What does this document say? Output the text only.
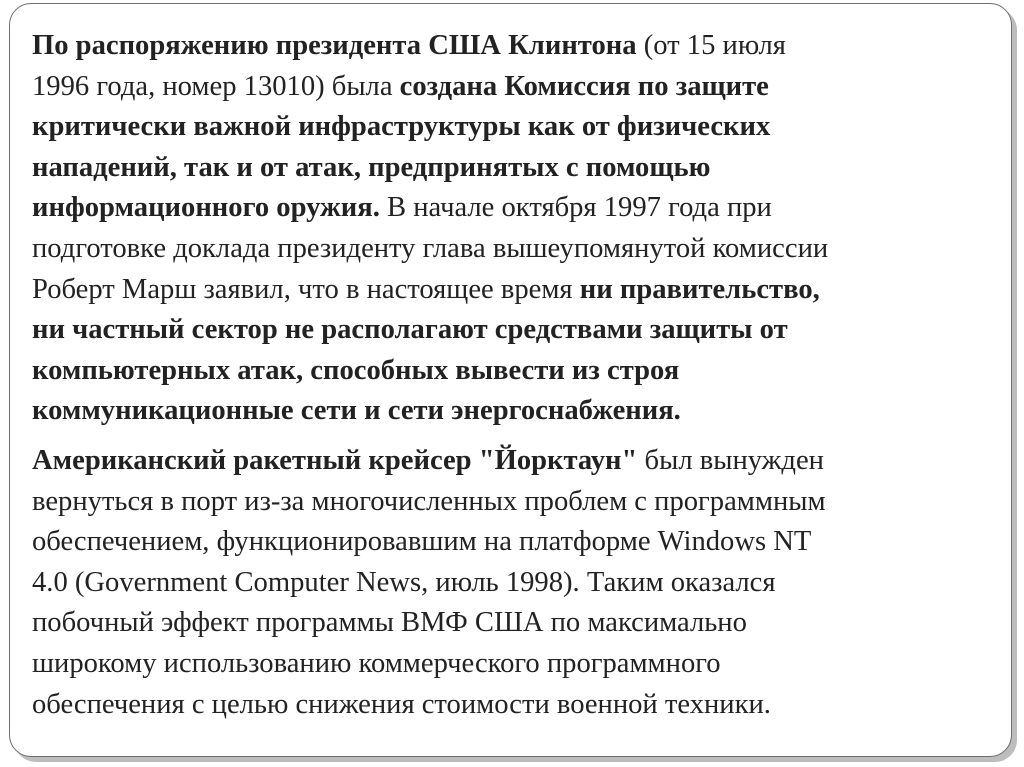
По распоряжению президента США Клинтона (от 15 июля
1996 года, номер 13010) была создана Комиссия по защите
критически важной инфраструктуры как от физических
нападений, так и от атак, предпринятых с помощью
информационного оружия. В начале октября 1997 года при
подготовке доклада президенту глава вышеупомянутой комиссии
Роберт Марш заявил, что в настоящее время ни правительство,
ни частный сектор не располагают средствами защиты от
компьютерных атак, способных вывести из строя
коммуникационные сети и сети энергоснабжения.
Американский ракетный крейсер "Йорктаун" был вынужден
вернуться в порт из-за многочисленных проблем с программным
обеспечением, функционировавшим на платформе Windows NT
4.0 (Government Computer News, июль 1998). Таким оказался
побочный эффект программы ВМФ США по максимально
широкому использованию коммерческого программного
обеспечения с целью снижения стоимости военной техники.
